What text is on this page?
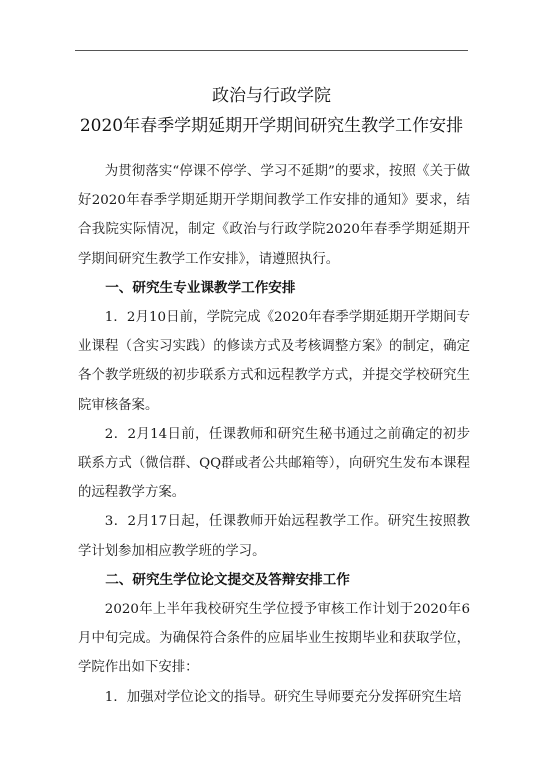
政治与行政学院
2020年春季学期延期开学期间研究生教学工作安排

为贯彻落实“停课不停学、学习不延期”的要求，按照《关于做好2020年春季学期延期开学期间教学工作安排的通知》要求，结合我院实际情况，制定《政治与行政学院2020年春季学期延期开学期间研究生教学工作安排》，请遵照执行。

一、研究生专业课教学工作安排

1．2月10日前，学院完成《2020年春季学期延期开学期间专业课程（含实习实践）的修读方式及考核调整方案》的制定，确定各个教学班级的初步联系方式和远程教学方式，并提交学校研究生院审核备案。

2．2月14日前，任课教师和研究生秘书通过之前确定的初步联系方式（微信群、QQ群或者公共邮箱等），向研究生发布本课程的远程教学方案。

3．2月17日起，任课教师开始远程教学工作。研究生按照教学计划参加相应教学班的学习。

二、研究生学位论文提交及答辩安排工作

2020年上半年我校研究生学位授予审核工作计划于2020年6月中旬完成。为确保符合条件的应届毕业生按期毕业和获取学位，学院作出如下安排：

1．加强对学位论文的指导。研究生导师要充分发挥研究生培
